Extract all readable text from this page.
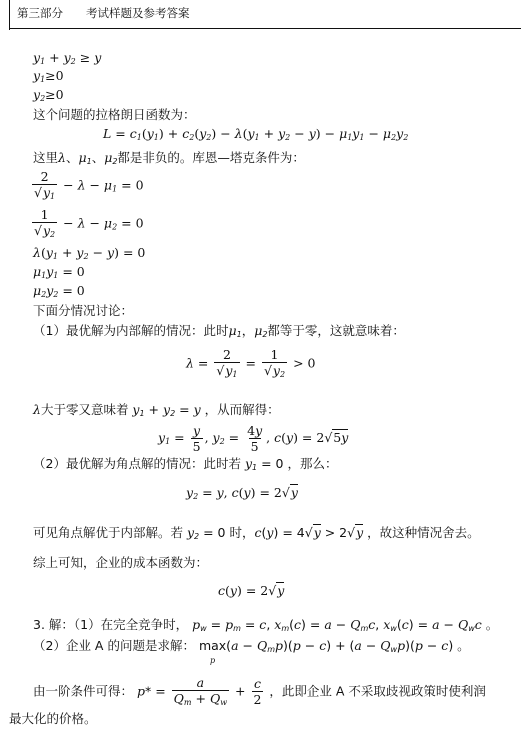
第三部分 考试样题及参考答案
$y_1 + y_2 \ge y$
$y_1\ge 0$
$y_2\ge 0$
这个问题的拉格朗日函数为：
$L = c_1(y_1) + c_2(y_2) - \lambda(y_1 + y_2 - y) - \mu_1y_1 - \mu_2y_2$
这里λ、$\mu_1$、$\mu_2$都是非负的。库恩—塔克条件为：
$\frac{2}{√y_1} - \lambda - \mu_1 = 0$
$\frac{1}{√y_2} - \lambda - \mu_2 = 0$
$\lambda(y_1 + y_2 - y) = 0$
$\mu_1y_1 = 0$
$\mu_2y_2 = 0$
下面分情况讨论：
（1）最优解为内部解的情况：此时$\mu_1$，$\mu_2$都等于零，这就意味着：
$\lambda = \frac{2}{√y_1} = \frac{1}{√y_2} > 0$
λ大于零又意味着 $y_1 + y_2 = y$ ，从而解得：
$y_1 = \frac{y}{5}$ , $y_2 = \frac{4y}{5}$ , c(y) = 2√5y
（2）最优解为角点解的情况：此时若 $y_1 = 0$ ，那么：
$y_2 = y$, c(y) = 2√y
可见角点解优于内部解。若 $y_2 = 0$ 时，c(y) = 4√y > 2√y ，故这种情况舍去。
综上可知，企业的成本函数为：
c(y) = 2√y
3. 解：（1）在完全竞争时， $p_w = p_m = c$, $x_m(c) = a - Q_mc$, $x_w(c) = a - Q_wc$ 。
（2）企业 A 的问题是求解： max
$p(a - Q_mp)(p - c) + (a - Q_wp)(p - c)$ 。
由一阶条件可得： $p* = \frac{a}{Q_m + Q_w} + \frac{c}{2}$ ，此即企业 A 不采取歧视政策时使利润
最大化的价格。
